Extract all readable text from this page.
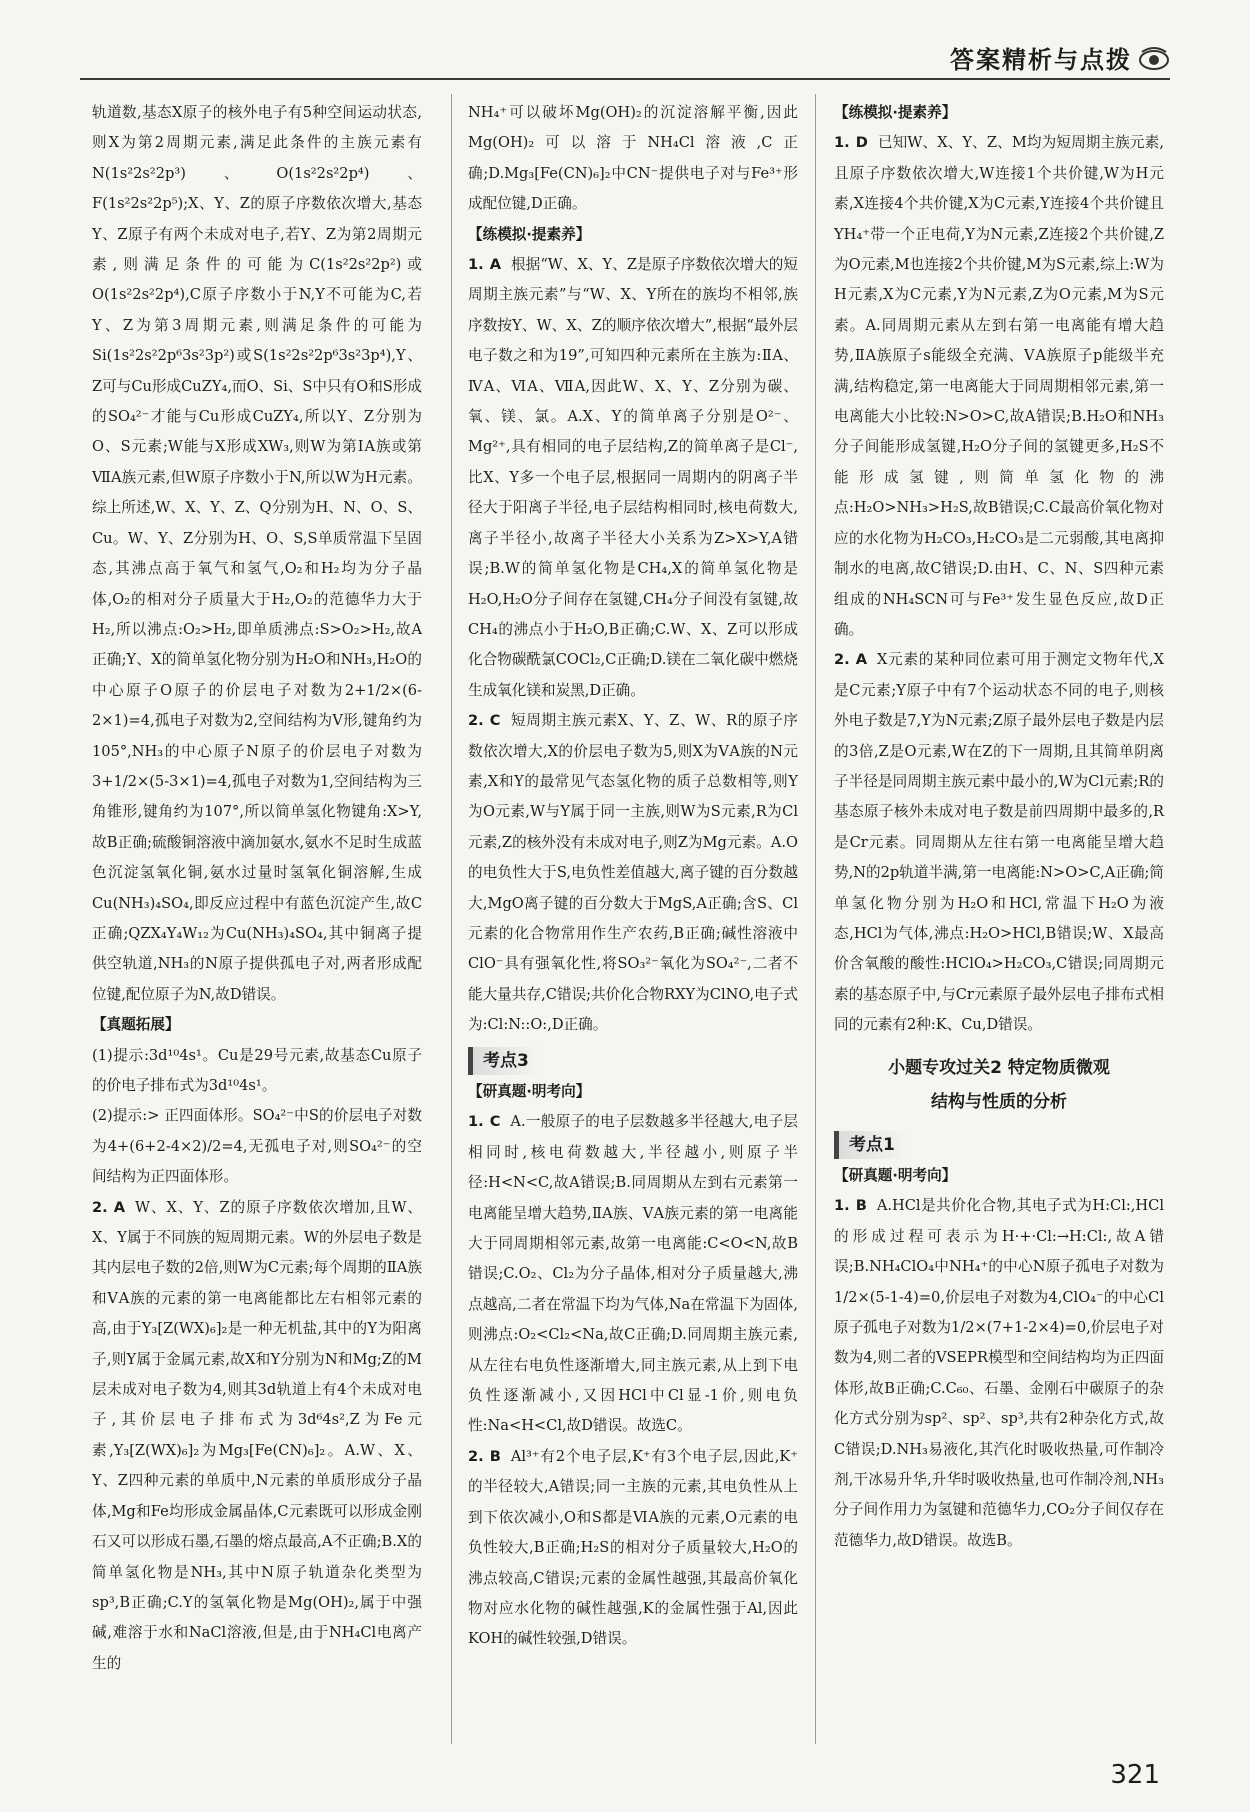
答案精析与点拨

轨道数,基态X原子的核外电子有5种空间运动状态,则X为第2周期元素,满足此条件的主族元素有N(1s²2s²2p³)、O(1s²2s²2p⁴)、F(1s²2s²2p⁵);X、Y、Z的原子序数依次增大,基态Y、Z原子有两个未成对电子,若Y、Z为第2周期元素,则满足条件的可能为C(1s²2s²2p²)或O(1s²2s²2p⁴),C原子序数小于N,Y不可能为C,若Y、Z为第3周期元素,则满足条件的可能为Si(1s²2s²2p⁶3s²3p²)或S(1s²2s²2p⁶3s²3p⁴),Y、Z可与Cu形成CuZY₄,而O、Si、S中只有O和S形成的SO₄²⁻才能与Cu形成CuZY₄,所以Y、Z分别为O、S元素;W能与X形成XW₃,则W为第ⅠA族或第ⅦA族元素,但W原子序数小于N,所以W为H元素。综上所述,W、X、Y、Z、Q分别为H、N、O、S、Cu。W、Y、Z分别为H、O、S,S单质常温下呈固态,其沸点高于氧气和氢气,O₂和H₂均为分子晶体,O₂的相对分子质量大于H₂,O₂的范德华力大于H₂,所以沸点:O₂>H₂,即单质沸点:S>O₂>H₂,故A正确;Y、X的简单氢化物分别为H₂O和NH₃,H₂O的中心原子O原子的价层电子对数为2+1/2×(6-2×1)=4,孤电子对数为2,空间结构为V形,键角约为105°,NH₃的中心原子N原子的价层电子对数为3+1/2×(5-3×1)=4,孤电子对数为1,空间结构为三角锥形,键角约为107°,所以简单氢化物键角:X>Y,故B正确;硫酸铜溶液中滴加氨水,氨水不足时生成蓝色沉淀氢氧化铜,氨水过量时氢氧化铜溶解,生成Cu(NH₃)₄SO₄,即反应过程中有蓝色沉淀产生,故C正确;QZX₄Y₄W₁₂为Cu(NH₃)₄SO₄,其中铜离子提供空轨道,NH₃的N原子提供孤电子对,两者形成配位键,配位原子为N,故D错误。

【真题拓展】

(1)提示:3d¹⁰4s¹。Cu是29号元素,故基态Cu原子的价电子排布式为3d¹⁰4s¹。

(2)提示:> 正四面体形。SO₄²⁻中S的价层电子对数为4+(6+2-4×2)/2=4,无孤电子对,则SO₄²⁻的空间结构为正四面体形。

2. A W、X、Y、Z的原子序数依次增加,且W、X、Y属于不同族的短周期元素。W的外层电子数是其内层电子数的2倍,则W为C元素;每个周期的ⅡA族和ⅤA族的元素的第一电离能都比左右相邻元素的高,由于Y₃[Z(WX)₆]₂是一种无机盐,其中的Y为阳离子,则Y属于金属元素,故X和Y分别为N和Mg;Z的M层未成对电子数为4,则其3d轨道上有4个未成对电子,其价层电子排布式为3d⁶4s²,Z为Fe元素,Y₃[Z(WX)₆]₂为Mg₃[Fe(CN)₆]₂。A.W、X、Y、Z四种元素的单质中,N元素的单质形成分子晶体,Mg和Fe均形成金属晶体,C元素既可以形成金刚石又可以形成石墨,石墨的熔点最高,A不正确;B.X的简单氢化物是NH₃,其中N原子轨道杂化类型为sp³,B正确;C.Y的氢氧化物是Mg(OH)₂,属于中强碱,难溶于水和NaCl溶液,但是,由于NH₄Cl电离产生的

NH₄⁺可以破坏Mg(OH)₂的沉淀溶解平衡,因此Mg(OH)₂可以溶于NH₄Cl溶液,C正确;D.Mg₃[Fe(CN)₆]₂中CN⁻提供电子对与Fe³⁺形成配位键,D正确。

【练模拟·提素养】

1. A 根据“W、X、Y、Z是原子序数依次增大的短周期主族元素”与“W、X、Y所在的族均不相邻,族序数按Y、W、X、Z的顺序依次增大”,根据“最外层电子数之和为19”,可知四种元素所在主族为:ⅡA、ⅣA、ⅥA、ⅦA,因此W、X、Y、Z分别为碳、氧、镁、氯。A.X、Y的简单离子分别是O²⁻、Mg²⁺,具有相同的电子层结构,Z的简单离子是Cl⁻,比X、Y多一个电子层,根据同一周期内的阴离子半径大于阳离子半径,电子层结构相同时,核电荷数大,离子半径小,故离子半径大小关系为Z>X>Y,A错误;B.W的简单氢化物是CH₄,X的简单氢化物是H₂O,H₂O分子间存在氢键,CH₄分子间没有氢键,故CH₄的沸点小于H₂O,B正确;C.W、X、Z可以形成化合物碳酰氯COCl₂,C正确;D.镁在二氧化碳中燃烧生成氧化镁和炭黑,D正确。

2. C 短周期主族元素X、Y、Z、W、R的原子序数依次增大,X的价层电子数为5,则X为ⅤA族的N元素,X和Y的最常见气态氢化物的质子总数相等,则Y为O元素,W与Y属于同一主族,则W为S元素,R为Cl元素,Z的核外没有未成对电子,则Z为Mg元素。A.O的电负性大于S,电负性差值越大,离子键的百分数越大,MgO离子键的百分数大于MgS,A正确;含S、Cl元素的化合物常用作生产农药,B正确;碱性溶液中ClO⁻具有强氧化性,将SO₃²⁻氧化为SO₄²⁻,二者不能大量共存,C错误;共价化合物RXY为ClNO,电子式为:Cl:N::O:,D正确。

考点3

【研真题·明考向】

1. C A.一般原子的电子层数越多半径越大,电子层相同时,核电荷数越大,半径越小,则原子半径:H<N<C,故A错误;B.同周期从左到右元素第一电离能呈增大趋势,ⅡA族、ⅤA族元素的第一电离能大于同周期相邻元素,故第一电离能:C<O<N,故B错误;C.O₂、Cl₂为分子晶体,相对分子质量越大,沸点越高,二者在常温下均为气体,Na在常温下为固体,则沸点:O₂<Cl₂<Na,故C正确;D.同周期主族元素,从左往右电负性逐渐增大,同主族元素,从上到下电负性逐渐减小,又因HCl中Cl显-1价,则电负性:Na<H<Cl,故D错误。故选C。

2. B Al³⁺有2个电子层,K⁺有3个电子层,因此,K⁺的半径较大,A错误;同一主族的元素,其电负性从上到下依次减小,O和S都是ⅥA族的元素,O元素的电负性较大,B正确;H₂S的相对分子质量较大,H₂O的沸点较高,C错误;元素的金属性越强,其最高价氧化物对应水化物的碱性越强,K的金属性强于Al,因此KOH的碱性较强,D错误。

【练模拟·提素养】

1. D 已知W、X、Y、Z、M均为短周期主族元素,且原子序数依次增大,W连接1个共价键,W为H元素,X连接4个共价键,X为C元素,Y连接4个共价键且YH₄⁺带一个正电荷,Y为N元素,Z连接2个共价键,Z为O元素,M也连接2个共价键,M为S元素,综上:W为H元素,X为C元素,Y为N元素,Z为O元素,M为S元素。A.同周期元素从左到右第一电离能有增大趋势,ⅡA族原子s能级全充满、ⅤA族原子p能级半充满,结构稳定,第一电离能大于同周期相邻元素,第一电离能大小比较:N>O>C,故A错误;B.H₂O和NH₃分子间能形成氢键,H₂O分子间的氢键更多,H₂S不能形成氢键,则简单氢化物的沸点:H₂O>NH₃>H₂S,故B错误;C.C最高价氧化物对应的水化物为H₂CO₃,H₂CO₃是二元弱酸,其电离抑制水的电离,故C错误;D.由H、C、N、S四种元素组成的NH₄SCN可与Fe³⁺发生显色反应,故D正确。

2. A X元素的某种同位素可用于测定文物年代,X是C元素;Y原子中有7个运动状态不同的电子,则核外电子数是7,Y为N元素;Z原子最外层电子数是内层的3倍,Z是O元素,W在Z的下一周期,且其简单阴离子半径是同周期主族元素中最小的,W为Cl元素;R的基态原子核外未成对电子数是前四周期中最多的,R是Cr元素。同周期从左往右第一电离能呈增大趋势,N的2p轨道半满,第一电离能:N>O>C,A正确;简单氢化物分别为H₂O和HCl,常温下H₂O为液态,HCl为气体,沸点:H₂O>HCl,B错误;W、X最高价含氧酸的酸性:HClO₄>H₂CO₃,C错误;同周期元素的基态原子中,与Cr元素原子最外层电子排布式相同的元素有2种:K、Cu,D错误。

小题专攻过关2 特定物质微观
结构与性质的分析
考点1

【研真题·明考向】

1. B A.HCl是共价化合物,其电子式为H:Cl:,HCl的形成过程可表示为H·+·Cl:→H:Cl:,故A错误;B.NH₄ClO₄中NH₄⁺的中心N原子孤电子对数为1/2×(5-1-4)=0,价层电子对数为4,ClO₄⁻的中心Cl原子孤电子对数为1/2×(7+1-2×4)=0,价层电子对数为4,则二者的VSEPR模型和空间结构均为正四面体形,故B正确;C.C₆₀、石墨、金刚石中碳原子的杂化方式分别为sp²、sp²、sp³,共有2种杂化方式,故C错误;D.NH₃易液化,其汽化时吸收热量,可作制冷剂,干冰易升华,升华时吸收热量,也可作制冷剂,NH₃分子间作用力为氢键和范德华力,CO₂分子间仅存在范德华力,故D错误。故选B。

321
